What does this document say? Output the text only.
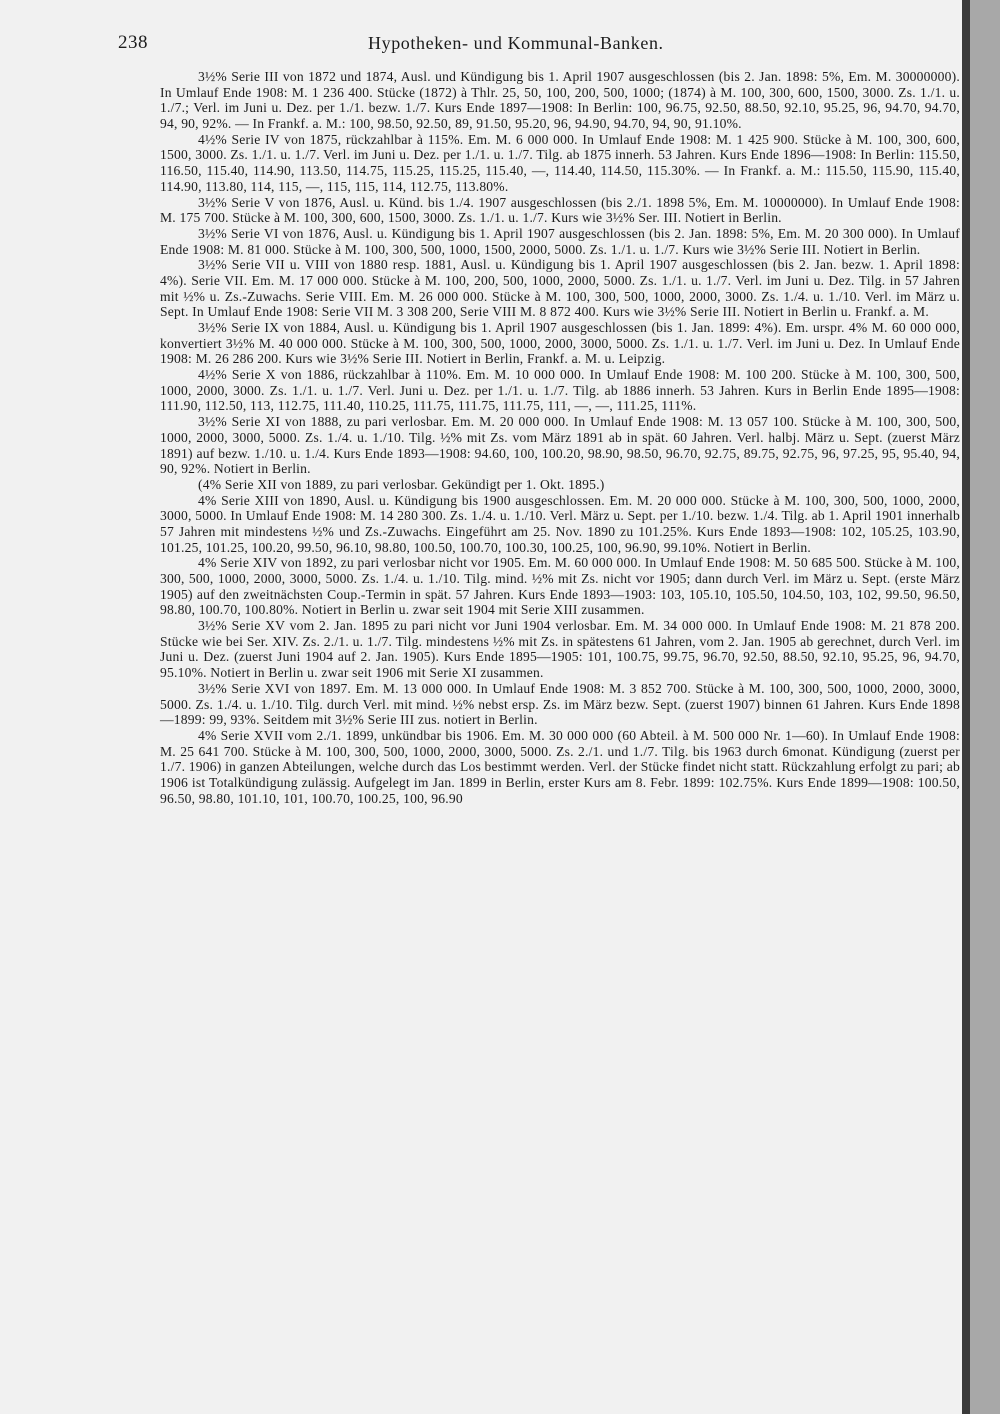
238	Hypotheken- und Kommunal-Banken.

3½% Serie III von 1872 und 1874, Ausl. und Kündigung bis 1. April 1907 ausgeschlossen (bis 2. Jan. 1898: 5%, Em. M. 30000000). In Umlauf Ende 1908: M. 1 236 400. Stücke (1872) à Thlr. 25, 50, 100, 200, 500, 1000; (1874) à M. 100, 300, 600, 1500, 3000. Zs. 1./1. u. 1./7.; Verl. im Juni u. Dez. per 1./1. bezw. 1./7. Kurs Ende 1897—1908: In Berlin: 100, 96.75, 92.50, 88.50, 92.10, 95.25, 96, 94.70, 94.70, 94, 90, 92%. — In Frankf. a. M.: 100, 98.50, 92.50, 89, 91.50, 95.20, 96, 94.90, 94.70, 94, 90, 91.10%.

4½% Serie IV von 1875, rückzahlbar à 115%. Em. M. 6 000 000. In Umlauf Ende 1908: M. 1 425 900. Stücke à M. 100, 300, 600, 1500, 3000. Zs. 1./1. u. 1./7. Verl. im Juni u. Dez. per 1./1. u. 1./7. Tilg. ab 1875 innerh. 53 Jahren. Kurs Ende 1896—1908: In Berlin: 115.50, 116.50, 115.40, 114.90, 113.50, 114.75, 115.25, 115.25, 115.40, —, 114.40, 114.50, 115.30%. — In Frankf. a. M.: 115.50, 115.90, 115.40, 114.90, 113.80, 114, 115, —, 115, 115, 114, 112.75, 113.80%.

3½% Serie V von 1876, Ausl. u. Künd. bis 1./4. 1907 ausgeschlossen (bis 2./1. 1898 5%, Em. M. 10000000). In Umlauf Ende 1908: M. 175 700. Stücke à M. 100, 300, 600, 1500, 3000. Zs. 1./1. u. 1./7. Kurs wie 3½% Ser. III. Notiert in Berlin.

3½% Serie VI von 1876, Ausl. u. Kündigung bis 1. April 1907 ausgeschlossen (bis 2. Jan. 1898: 5%, Em. M. 20 300 000). In Umlauf Ende 1908: M. 81 000. Stücke à M. 100, 300, 500, 1000, 1500, 2000, 5000. Zs. 1./1. u. 1./7. Kurs wie 3½% Serie III. Notiert in Berlin.

3½% Serie VII u. VIII von 1880 resp. 1881, Ausl. u. Kündigung bis 1. April 1907 ausgeschlossen (bis 2. Jan. bezw. 1. April 1898: 4%). Serie VII. Em. M. 17 000 000. Stücke à M. 100, 200, 500, 1000, 2000, 5000. Zs. 1./1. u. 1./7. Verl. im Juni u. Dez. Tilg. in 57 Jahren mit ½% u. Zs.-Zuwachs. Serie VIII. Em. M. 26 000 000. Stücke à M. 100, 300, 500, 1000, 2000, 3000. Zs. 1./4. u. 1./10. Verl. im März u. Sept. In Umlauf Ende 1908: Serie VII M. 3 308 200, Serie VIII M. 8 872 400. Kurs wie 3½% Serie III. Notiert in Berlin u. Frankf. a. M.

3½% Serie IX von 1884, Ausl. u. Kündigung bis 1. April 1907 ausgeschlossen (bis 1. Jan. 1899: 4%). Em. urspr. 4% M. 60 000 000, konvertiert 3½% M. 40 000 000. Stücke à M. 100, 300, 500, 1000, 2000, 3000, 5000. Zs. 1./1. u. 1./7. Verl. im Juni u. Dez. In Umlauf Ende 1908: M. 26 286 200. Kurs wie 3½% Serie III. Notiert in Berlin, Frankf. a. M. u. Leipzig.

4½% Serie X von 1886, rückzahlbar à 110%. Em. M. 10 000 000. In Umlauf Ende 1908: M. 100 200. Stücke à M. 100, 300, 500, 1000, 2000, 3000. Zs. 1./1. u. 1./7. Verl. Juni u. Dez. per 1./1. u. 1./7. Tilg. ab 1886 innerh. 53 Jahren. Kurs in Berlin Ende 1895—1908: 111.90, 112.50, 113, 112.75, 111.40, 110.25, 111.75, 111.75, 111.75, 111, —, —, 111.25, 111%.

3½% Serie XI von 1888, zu pari verlosbar. Em. M. 20 000 000. In Umlauf Ende 1908: M. 13 057 100. Stücke à M. 100, 300, 500, 1000, 2000, 3000, 5000. Zs. 1./4. u. 1./10. Tilg. ½% mit Zs. vom März 1891 ab in spät. 60 Jahren. Verl. halbj. März u. Sept. (zuerst März 1891) auf bezw. 1./10. u. 1./4. Kurs Ende 1893—1908: 94.60, 100, 100.20, 98.90, 98.50, 96.70, 92.75, 89.75, 92.75, 96, 97.25, 95, 95.40, 94, 90, 92%. Notiert in Berlin.

(4% Serie XII von 1889, zu pari verlosbar. Gekündigt per 1. Okt. 1895.)

4% Serie XIII von 1890, Ausl. u. Kündigung bis 1900 ausgeschlossen. Em. M. 20 000 000. Stücke à M. 100, 300, 500, 1000, 2000, 3000, 5000. In Umlauf Ende 1908: M. 14 280 300. Zs. 1./4. u. 1./10. Verl. März u. Sept. per 1./10. bezw. 1./4. Tilg. ab 1. April 1901 innerhalb 57 Jahren mit mindestens ½% und Zs.-Zuwachs. Eingeführt am 25. Nov. 1890 zu 101.25%. Kurs Ende 1893—1908: 102, 105.25, 103.90, 101.25, 101.25, 100.20, 99.50, 96.10, 98.80, 100.50, 100.70, 100.30, 100.25, 100, 96.90, 99.10%. Notiert in Berlin.

4% Serie XIV von 1892, zu pari verlosbar nicht vor 1905. Em. M. 60 000 000. In Umlauf Ende 1908: M. 50 685 500. Stücke à M. 100, 300, 500, 1000, 2000, 3000, 5000. Zs. 1./4. u. 1./10. Tilg. mind. ½% mit Zs. nicht vor 1905; dann durch Verl. im März u. Sept. (erste März 1905) auf den zweitnächsten Coup.-Termin in spät. 57 Jahren. Kurs Ende 1893—1903: 103, 105.10, 105.50, 104.50, 103, 102, 99.50, 96.50, 98.80, 100.70, 100.80%. Notiert in Berlin u. zwar seit 1904 mit Serie XIII zusammen.

3½% Serie XV vom 2. Jan. 1895 zu pari nicht vor Juni 1904 verlosbar. Em. M. 34 000 000. In Umlauf Ende 1908: M. 21 878 200. Stücke wie bei Ser. XIV. Zs. 2./1. u. 1./7. Tilg. mindestens ½% mit Zs. in spätestens 61 Jahren, vom 2. Jan. 1905 ab gerechnet, durch Verl. im Juni u. Dez. (zuerst Juni 1904 auf 2. Jan. 1905). Kurs Ende 1895—1905: 101, 100.75, 99.75, 96.70, 92.50, 88.50, 92.10, 95.25, 96, 94.70, 95.10%. Notiert in Berlin u. zwar seit 1906 mit Serie XI zusammen.

3½% Serie XVI von 1897. Em. M. 13 000 000. In Umlauf Ende 1908: M. 3 852 700. Stücke à M. 100, 300, 500, 1000, 2000, 3000, 5000. Zs. 1./4. u. 1./10. Tilg. durch Verl. mit mind. ½% nebst ersp. Zs. im März bezw. Sept. (zuerst 1907) binnen 61 Jahren. Kurs Ende 1898—1899: 99, 93%. Seitdem mit 3½% Serie III zus. notiert in Berlin.

4% Serie XVII vom 2./1. 1899, unkündbar bis 1906. Em. M. 30 000 000 (60 Abteil. à M. 500 000 Nr. 1—60). In Umlauf Ende 1908: M. 25 641 700. Stücke à M. 100, 300, 500, 1000, 2000, 3000, 5000. Zs. 2./1. und 1./7. Tilg. bis 1963 durch 6monat. Kündigung (zuerst per 1./7. 1906) in ganzen Abteilungen, welche durch das Los bestimmt werden. Verl. der Stücke findet nicht statt. Rückzahlung erfolgt zu pari; ab 1906 ist Totalkündigung zulässig. Aufgelegt im Jan. 1899 in Berlin, erster Kurs am 8. Febr. 1899: 102.75%. Kurs Ende 1899—1908: 100.50, 96.50, 98.80, 101.10, 101, 100.70, 100.25, 100, 96.90
